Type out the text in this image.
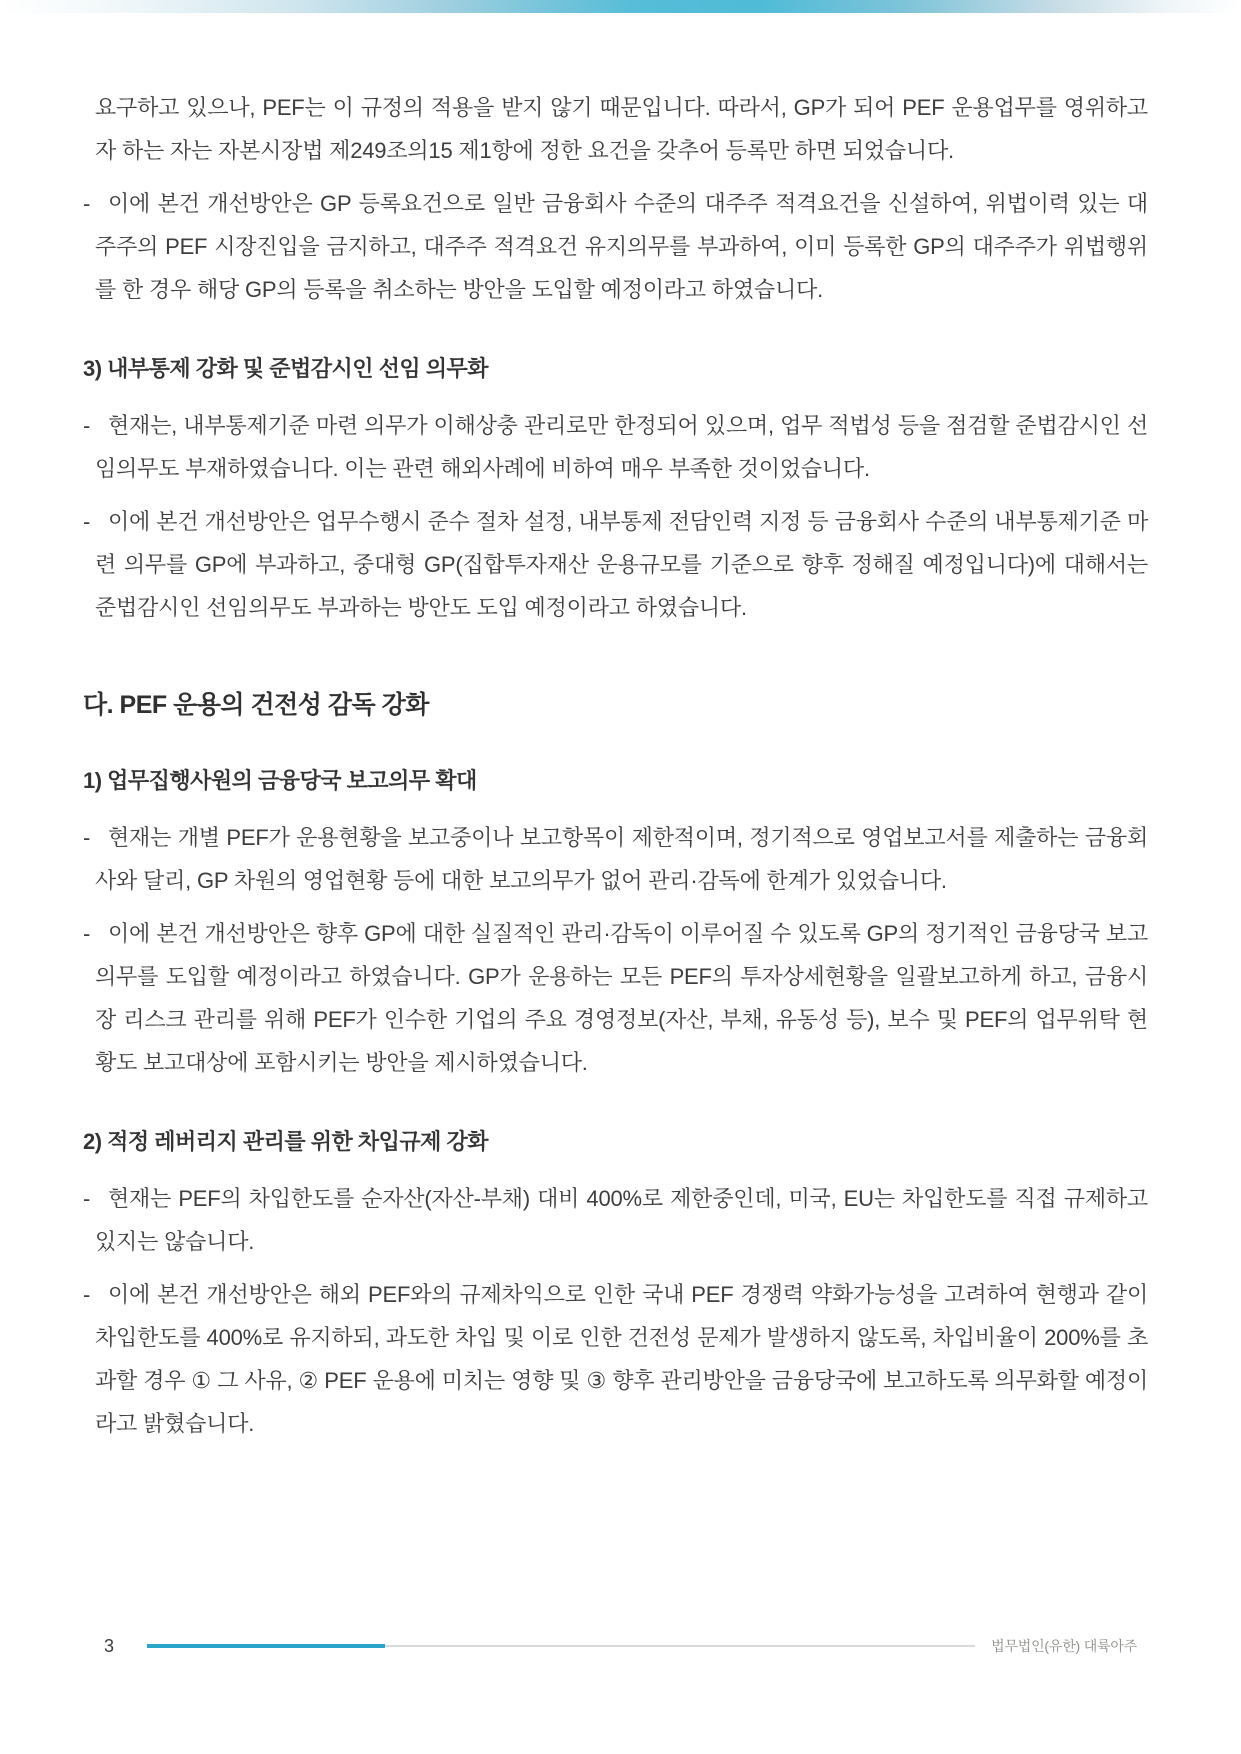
요구하고 있으나, PEF는 이 규정의 적용을 받지 않기 때문입니다. 따라서, GP가 되어 PEF 운용업무를 영위하고자 하는 자는 자본시장법 제249조의15 제1항에 정한 요건을 갖추어 등록만 하면 되었습니다.

- 이에 본건 개선방안은 GP 등록요건으로 일반 금융회사 수준의 대주주 적격요건을 신설하여, 위법이력 있는 대주주의 PEF 시장진입을 금지하고, 대주주 적격요건 유지의무를 부과하여, 이미 등록한 GP의 대주주가 위법행위를 한 경우 해당 GP의 등록을 취소하는 방안을 도입할 예정이라고 하였습니다.

3) 내부통제 강화 및 준법감시인 선임 의무화
- 현재는, 내부통제기준 마련 의무가 이해상충 관리로만 한정되어 있으며, 업무 적법성 등을 점검할 준법감시인 선임의무도 부재하였습니다. 이는 관련 해외사례에 비하여 매우 부족한 것이었습니다.

- 이에 본건 개선방안은 업무수행시 준수 절차 설정, 내부통제 전담인력 지정 등 금융회사 수준의 내부통제기준 마련 의무를 GP에 부과하고, 중대형 GP(집합투자재산 운용규모를 기준으로 향후 정해질 예정입니다)에 대해서는 준법감시인 선임의무도 부과하는 방안도 도입 예정이라고 하였습니다.

다. PEF 운용의 건전성 감독 강화
1) 업무집행사원의 금융당국 보고의무 확대
- 현재는 개별 PEF가 운용현황을 보고중이나 보고항목이 제한적이며, 정기적으로 영업보고서를 제출하는 금융회사와 달리, GP 차원의 영업현황 등에 대한 보고의무가 없어 관리·감독에 한계가 있었습니다.

- 이에 본건 개선방안은 향후 GP에 대한 실질적인 관리·감독이 이루어질 수 있도록 GP의 정기적인 금융당국 보고의무를 도입할 예정이라고 하였습니다. GP가 운용하는 모든 PEF의 투자상세현황을 일괄보고하게 하고, 금융시장 리스크 관리를 위해 PEF가 인수한 기업의 주요 경영정보(자산, 부채, 유동성 등), 보수 및 PEF의 업무위탁 현황도 보고대상에 포함시키는 방안을 제시하였습니다.

2) 적정 레버리지 관리를 위한 차입규제 강화
- 현재는 PEF의 차입한도를 순자산(자산-부채) 대비 400%로 제한중인데, 미국, EU는 차입한도를 직접 규제하고 있지는 않습니다.

- 이에 본건 개선방안은 해외 PEF와의 규제차익으로 인한 국내 PEF 경쟁력 약화가능성을 고려하여 현행과 같이 차입한도를 400%로 유지하되, 과도한 차입 및 이로 인한 건전성 문제가 발생하지 않도록, 차입비율이 200%를 초과할 경우 ① 그 사유, ② PEF 운용에 미치는 영향 및 ③ 향후 관리방안을 금융당국에 보고하도록 의무화할 예정이라고 밝혔습니다.

3	법무법인(유한) 대륙아주
